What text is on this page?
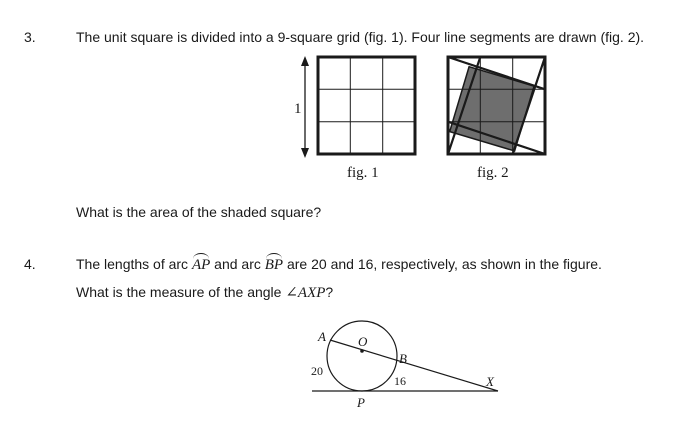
3.	The unit square is divided into a 9-square grid (fig. 1). Four line segments are drawn (fig. 2).
1
fig. 1	fig. 2
What is the area of the shaded square?
4.	The lengths of arc AP and arc BP are 20 and 16, respectively, as shown in the figure.
What is the measure of the angle ∠AXP?
A O
B
P
X
20
16
